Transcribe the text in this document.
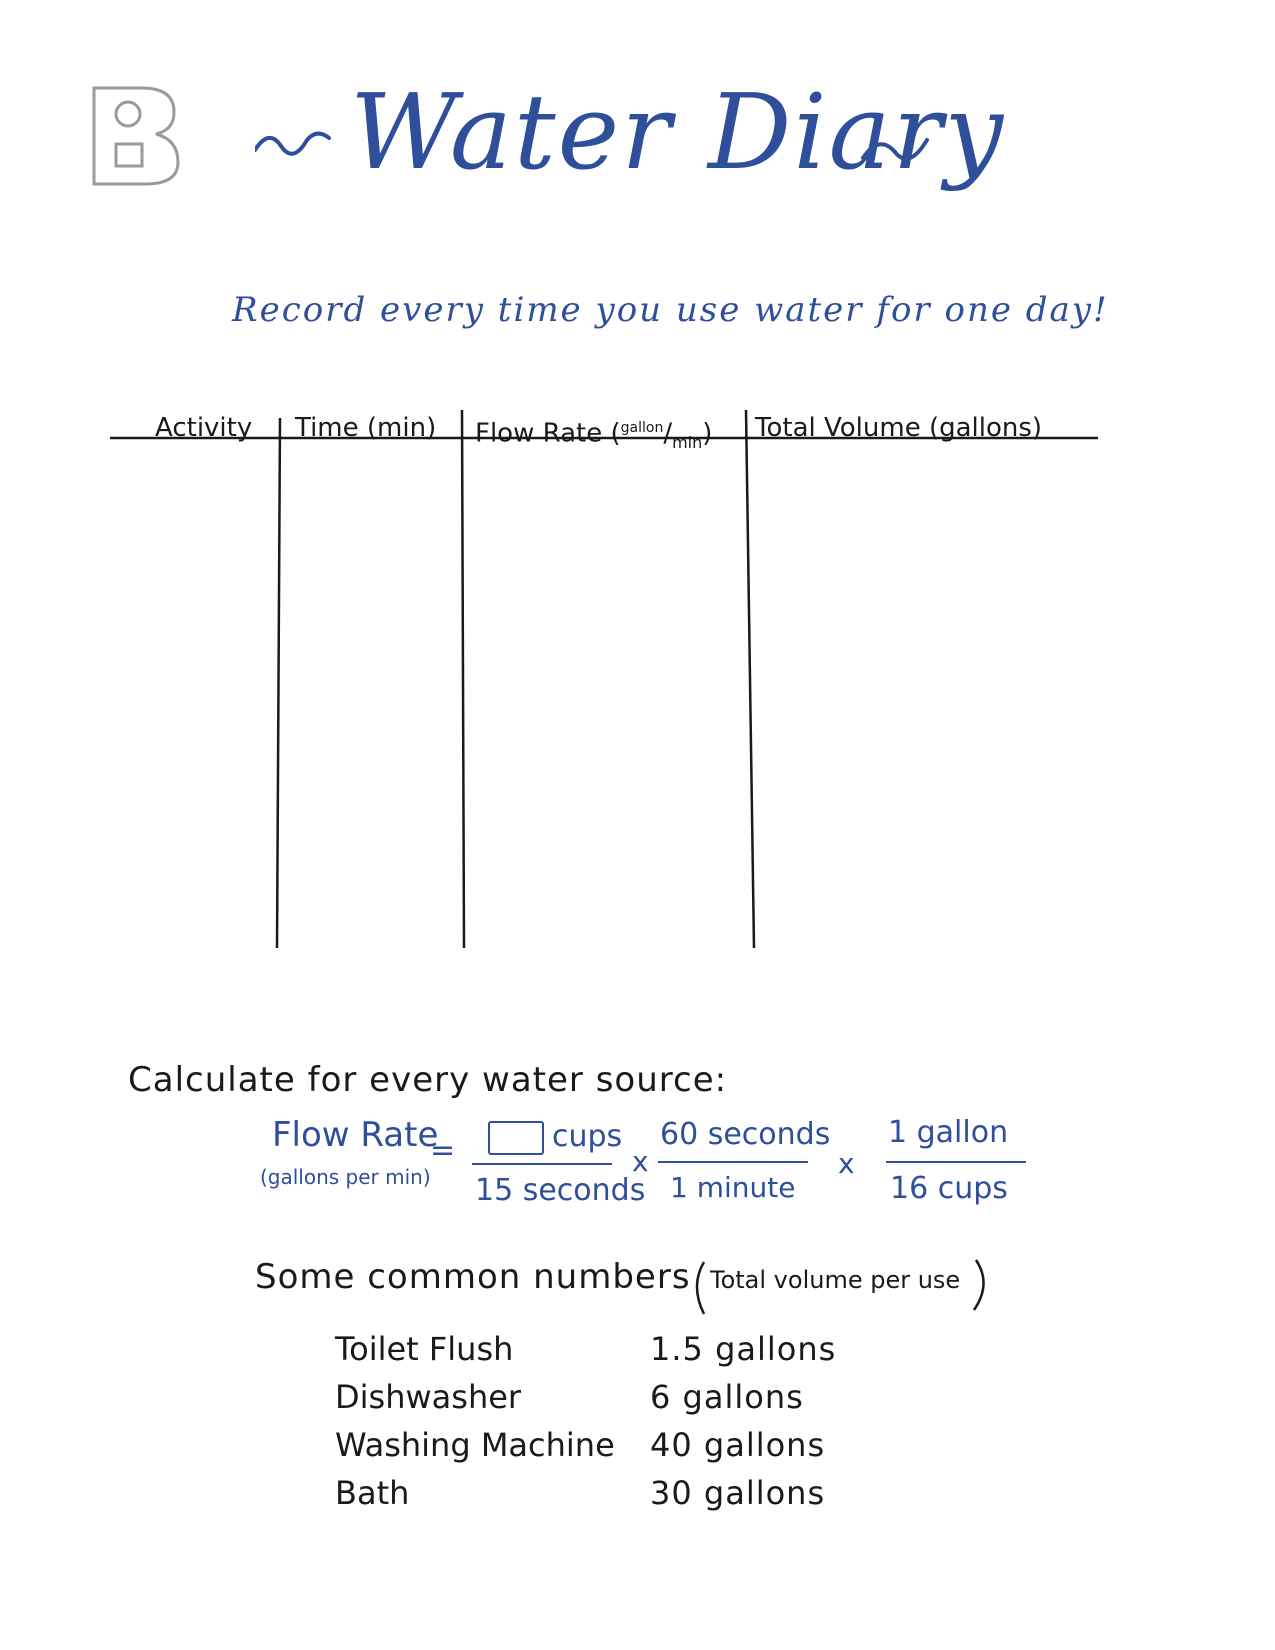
Water Diary
Record every time you use water for one day!
Activity Time (min) Flow Rate $(^{gallon}/_{min})$ Total Volume (gallons)
Calculate for every water source:
Flow Rate
(gallons per min)
=	cups
15 seconds
x
60 seconds
1 minute
x
1 gallon
16 cups
Some common numbers Total volume per use
Toilet Flush	1.5 gallons
Dishwasher	6 gallons
Washing Machine 40 gallons
Bath	30 gallons
